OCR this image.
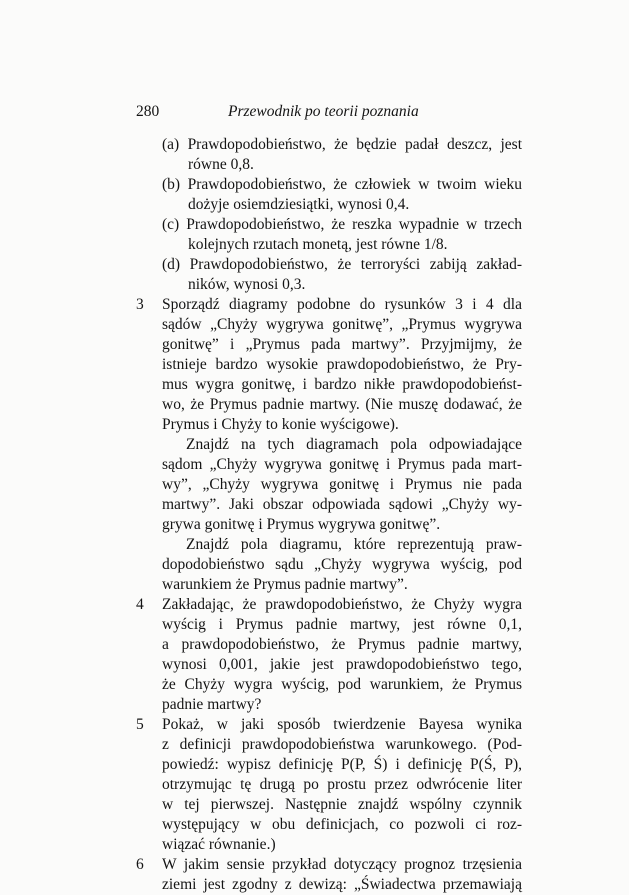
280	Przewodnik po teorii poznania
(a) Prawdopodobieństwo, że będzie padał deszcz, jest równe 0,8.
(b) Prawdopodobieństwo, że człowiek w twoim wieku dożyje osiemdziesiątki, wynosi 0,4.
(c) Prawdopodobieństwo, że reszka wypadnie w trzech kolejnych rzutach monetą, jest równe 1/8.
(d) Prawdopodobieństwo, że terroryści zabiją zakład- ników, wynosi 0,3.
3 Sporządź diagramy podobne do rysunków 3 i 4 dla
sądów „Chyży wygrywa gonitwę”, „Prymus wygrywa
gonitwę” i „Prymus pada martwy”. Przyjmijmy, że
istnieje bardzo wysokie prawdopodobieństwo, że Pry-
mus wygra gonitwę, i bardzo nikłe prawdopodobieńst-
wo, że Prymus padnie martwy. (Nie muszę dodawać, że
Prymus i Chyży to konie wyścigowe).

Znajdź na tych diagramach pola odpowiadające
sądom „Chyży wygrywa gonitwę i Prymus pada mart-
wy”, „Chyży wygrywa gonitwę i Prymus nie pada
martwy”. Jaki obszar odpowiada sądowi „Chyży wy-
grywa gonitwę i Prymus wygrywa gonitwę”.

Znajdź pola diagramu, które reprezentują praw-
dopodobieństwo sądu „Chyży wygrywa wyścig, pod
warunkiem że Prymus padnie martwy”.

4 Zakładając, że prawdopodobieństwo, że Chyży wygra
wyścig i Prymus padnie martwy, jest równe 0,1,
a prawdopodobieństwo, że Prymus padnie martwy,
wynosi 0,001, jakie jest prawdopodobieństwo tego,
że Chyży wygra wyścig, pod warunkiem, że Prymus
padnie martwy?

5 Pokaż, w jaki sposób twierdzenie Bayesa wynika
z definicji prawdopodobieństwa warunkowego. (Pod-
powiedź: wypisz definicję P(P, Ś) i definicję P(Ś, P),
otrzymując tę drugą po prostu przez odwrócenie liter
w tej pierwszej. Następnie znajdź wspólny czynnik
występujący w obu definicjach, co pozwoli ci roz-
wiązać równanie.)

6 W jakim sensie przykład dotyczący prognoz trzęsienia
ziemi jest zgodny z dewizą: „Świadectwa przemawiają
